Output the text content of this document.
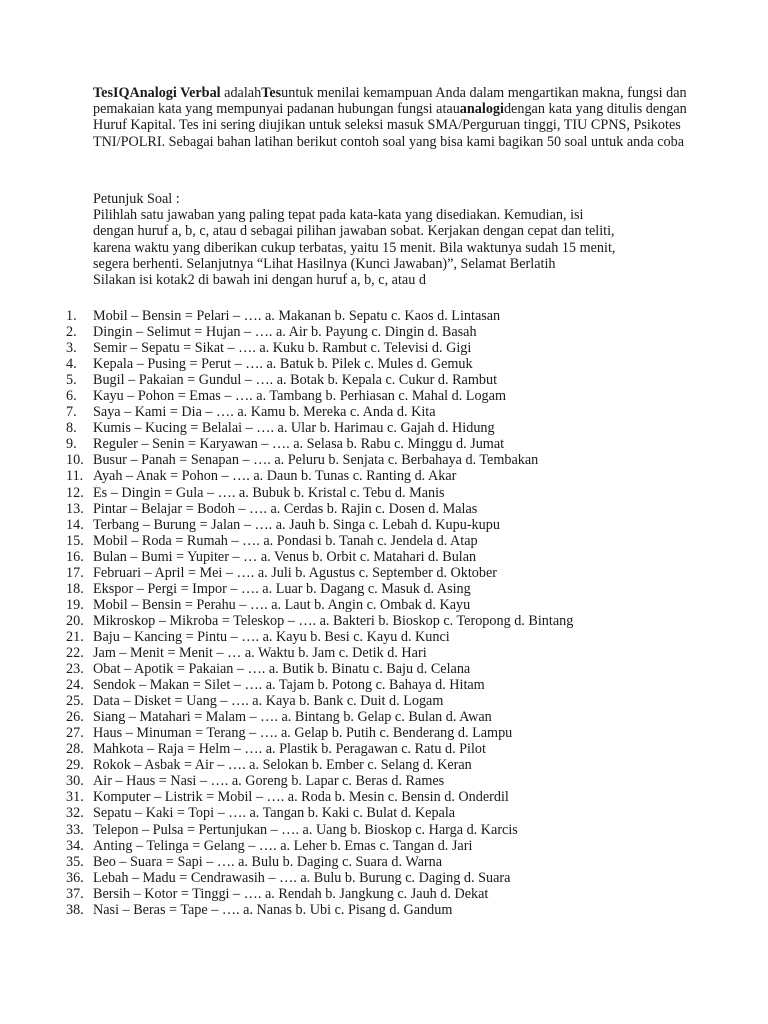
TesIQAnalogi Verbal adalahTesuntuk menilai kemampuan Anda dalam mengartikan makna, fungsi dan pemakaian kata yang mempunyai padanan hubungan fungsi atauanalogidengan kata yang ditulis dengan Huruf Kapital. Tes ini sering diujikan untuk seleksi masuk SMA/Perguruan tinggi, TIU CPNS, Psikotes TNI/POLRI. Sebagai bahan latihan berikut contoh soal yang bisa kami bagikan 50 soal untuk anda coba

Petunjuk Soal :

Pilihlah satu jawaban yang paling tepat pada kata-kata yang disediakan. Kemudian, isi
dengan huruf a, b, c, atau d sebagai pilihan jawaban sobat. Kerjakan dengan cepat dan teliti,
karena waktu yang diberikan cukup terbatas, yaitu 15 menit. Bila waktunya sudah 15 menit,
segera berhenti. Selanjutnya “Lihat Hasilnya (Kunci Jawaban)”, Selamat Berlatih
Silakan isi kotak2 di bawah ini dengan huruf a, b, c, atau d

1.	Mobil – Bensin = Pelari – …. a. Makanan b. Sepatu c. Kaos d. Lintasan
2.	Dingin – Selimut = Hujan – …. a. Air b. Payung c. Dingin d. Basah
3.	Semir – Sepatu = Sikat – …. a. Kuku b. Rambut c. Televisi d. Gigi
4.	Kepala – Pusing = Perut – …. a. Batuk b. Pilek c. Mules d. Gemuk
5.	Bugil – Pakaian = Gundul – …. a. Botak b. Kepala c. Cukur d. Rambut
6.	Kayu – Pohon = Emas – …. a. Tambang b. Perhiasan c. Mahal d. Logam
7.	Saya – Kami = Dia – …. a. Kamu b. Mereka c. Anda d. Kita
8.	Kumis – Kucing = Belalai – …. a. Ular b. Harimau c. Gajah d. Hidung
9.	Reguler – Senin = Karyawan – …. a. Selasa b. Rabu c. Minggu d. Jumat
10. Busur – Panah = Senapan – …. a. Peluru b. Senjata c. Berbahaya d. Tembakan
11. Ayah – Anak = Pohon – …. a. Daun b. Tunas c. Ranting d. Akar
12. Es – Dingin = Gula – …. a. Bubuk b. Kristal c. Tebu d. Manis
13. Pintar – Belajar = Bodoh – …. a. Cerdas b. Rajin c. Dosen d. Malas
14. Terbang – Burung = Jalan – …. a. Jauh b. Singa c. Lebah d. Kupu-kupu
15. Mobil – Roda = Rumah – …. a. Pondasi b. Tanah c. Jendela d. Atap
16. Bulan – Bumi = Yupiter – … a. Venus b. Orbit c. Matahari d. Bulan
17. Februari – April = Mei – …. a. Juli b. Agustus c. September d. Oktober
18. Ekspor – Pergi = Impor – …. a. Luar b. Dagang c. Masuk d. Asing
19. Mobil – Bensin = Perahu – …. a. Laut b. Angin c. Ombak d. Kayu
20. Mikroskop – Mikroba = Teleskop – …. a. Bakteri b. Bioskop c. Teropong d. Bintang
21. Baju – Kancing = Pintu – …. a. Kayu b. Besi c. Kayu d. Kunci
22. Jam – Menit = Menit – … a. Waktu b. Jam c. Detik d. Hari
23. Obat – Apotik = Pakaian – …. a. Butik b. Binatu c. Baju d. Celana
24. Sendok – Makan = Silet – …. a. Tajam b. Potong c. Bahaya d. Hitam
25. Data – Disket = Uang – …. a. Kaya b. Bank c. Duit d. Logam
26. Siang – Matahari = Malam – …. a. Bintang b. Gelap c. Bulan d. Awan
27. Haus – Minuman = Terang – …. a. Gelap b. Putih c. Benderang d. Lampu
28. Mahkota – Raja = Helm – …. a. Plastik b. Peragawan c. Ratu d. Pilot
29. Rokok – Asbak = Air – …. a. Selokan b. Ember c. Selang d. Keran
30. Air – Haus = Nasi – …. a. Goreng b. Lapar c. Beras d. Rames
31. Komputer – Listrik = Mobil – …. a. Roda b. Mesin c. Bensin d. Onderdil
32. Sepatu – Kaki = Topi – …. a. Tangan b. Kaki c. Bulat d. Kepala
33. Telepon – Pulsa = Pertunjukan – …. a. Uang b. Bioskop c. Harga d. Karcis
34. Anting – Telinga = Gelang – …. a. Leher b. Emas c. Tangan d. Jari
35. Beo – Suara = Sapi – …. a. Bulu b. Daging c. Suara d. Warna
36. Lebah – Madu = Cendrawasih – …. a. Bulu b. Burung c. Daging d. Suara
37. Bersih – Kotor = Tinggi – …. a. Rendah b. Jangkung c. Jauh d. Dekat
38. Nasi – Beras = Tape – …. a. Nanas b. Ubi c. Pisang d. Gandum
